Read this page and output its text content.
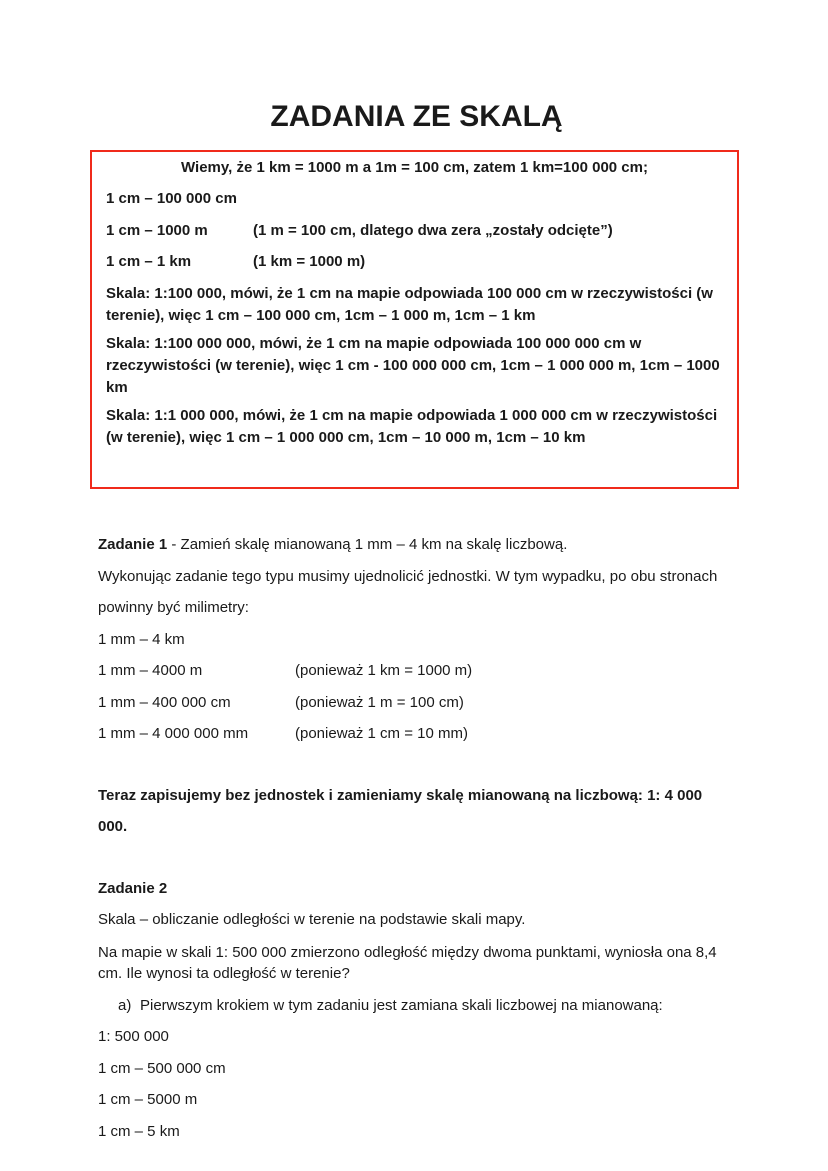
ZADANIA ZE SKALĄ

Wiemy, że 1 km = 1000 m a 1m = 100 cm, zatem 1 km=100 000 cm;

1 cm – 100 000 cm

1 cm – 1000 m	(1 m = 100 cm, dlatego dwa zera „zostały odcięte”)

1 cm – 1 km	(1 km = 1000 m)

Skala: 1:100 000, mówi, że 1 cm na mapie odpowiada 100 000 cm w rzeczywistości (w terenie), więc 1 cm – 100 000 cm, 1cm – 1 000 m, 1cm – 1 km

Skala: 1:100 000 000, mówi, że 1 cm na mapie odpowiada 100 000 000 cm w rzeczywistości (w terenie), więc 1 cm - 100 000 000 cm, 1cm – 1 000 000 m, 1cm – 1000 km

Skala: 1:1 000 000, mówi, że 1 cm na mapie odpowiada 1 000 000 cm w rzeczywistości (w terenie), więc 1 cm – 1 000 000 cm, 1cm – 10 000 m, 1cm – 10 km

Zadanie 1 - Zamień skalę mianowaną 1 mm – 4 km na skalę liczbową.

Wykonując zadanie tego typu musimy ujednolicić jednostki. W tym wypadku, po obu stronach powinny być milimetry:

1 mm – 4 km

1 mm – 4000 m	(ponieważ 1 km = 1000 m)

1 mm – 400 000 cm	(ponieważ 1 m = 100 cm)

1 mm – 4 000 000 mm	(ponieważ 1 cm = 10 mm)

Teraz zapisujemy bez jednostek i zamieniamy skalę mianowaną na liczbową: 1: 4 000 000.

Zadanie 2

Skala – obliczanie odległości w terenie na podstawie skali mapy.

Na mapie w skali 1: 500 000 zmierzono odległość między dwoma punktami, wyniosła ona 8,4 cm. Ile wynosi ta odległość w terenie?

a) Pierwszym krokiem w tym zadaniu jest zamiana skali liczbowej na mianowaną:

1: 500 000

1 cm – 500 000 cm

1 cm – 5000 m

1 cm – 5 km
